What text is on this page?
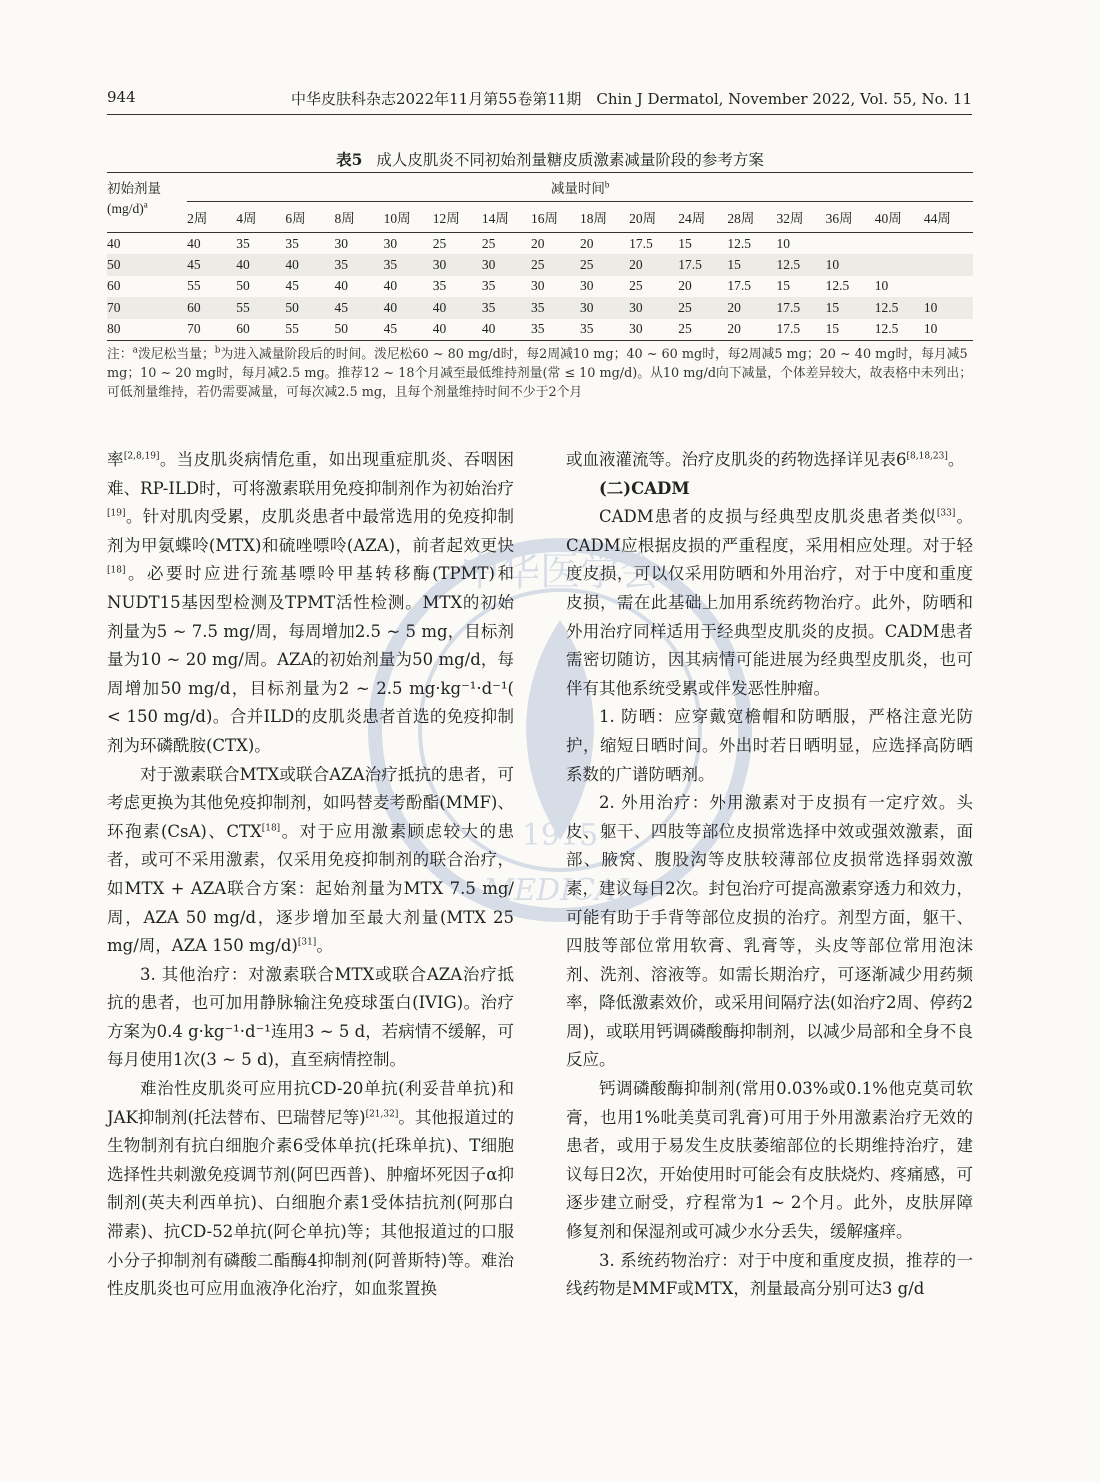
944	中华皮肤科杂志2022年11月第55卷第11期　Chin J Dermatol, November 2022, Vol. 55, No. 11
表5 成人皮肌炎不同初始剂量糖皮质激素减量阶段的参考方案
初始剂量
$(mg/d)^a$	减量时间$^b$
	2周	4周	6周	8周	10周	12周	14周	16周	18周	20周	24周	28周	32周	36周	40周	44周
40	40	35	35	30	30	25	25	20	20	17.5	15	12.5	10			
50	45	40	40	35	35	30	30	25	25	20	17.5	15	12.5	10		
60	55	50	45	40	40	35	35	30	30	25	20	17.5	15	12.5	10	
70	60	55	50	45	40	40	35	35	30	30	25	20	17.5	15	12.5	10
80	70	60	55	50	45	40	40	35	35	30	25	20	17.5	15	12.5	10
注：$^a$泼尼松当量；$^b$为进入减量阶段后的时间。泼尼松60 ~ 80 mg/d时，每2周减10 mg；40 ~ 60 mg时，每2周减5 mg；20 ~ 40 mg时，每月减5 mg；10 ~ 20 mg时，每月减2.5 mg。推荐12 ~ 18个月减至最低维持剂量(常 ≤ 10 mg/d)。从10 mg/d向下减量，个体差异较大，故表格中未列出；可低剂量维持，若仍需要减量，可每次减2.5 mg，且每个剂量维持时间不少于2个月
中华医学会
医
1915
MEDICAL

率[2,8,19]。当皮肌炎病情危重，如出现重症肌炎、吞咽困难、RP-ILD时，可将激素联用免疫抑制剂作为初始治疗[19]。针对肌肉受累，皮肌炎患者中最常选用的免疫抑制剂为甲氨蝶呤(MTX)和硫唑嘌呤(AZA)，前者起效更快[18]。必要时应进行巯基嘌呤甲基转移酶(TPMT)和NUDT15基因型检测及TPMT活性检测。MTX的初始剂量为5 ~ 7.5 mg/周，每周增加2.5 ~ 5 mg，目标剂量为10 ~ 20 mg/周。AZA的初始剂量为50 mg/d，每周增加50 mg/d，目标剂量为2 ~ 2.5 mg·kg⁻¹·d⁻¹( < 150 mg/d)。合并ILD的皮肌炎患者首选的免疫抑制剂为环磷酰胺(CTX)。

对于激素联合MTX或联合AZA治疗抵抗的患者，可考虑更换为其他免疫抑制剂，如吗替麦考酚酯(MMF)、环孢素(CsA)、CTX[18]。对于应用激素顾虑较大的患者，或可不采用激素，仅采用免疫抑制剂的联合治疗，如MTX + AZA联合方案：起始剂量为MTX 7.5 mg/周，AZA 50 mg/d，逐步增加至最大剂量(MTX 25 mg/周，AZA 150 mg/d)[31]。

3. 其他治疗：对激素联合MTX或联合AZA治疗抵抗的患者，也可加用静脉输注免疫球蛋白(IVIG)。治疗方案为0.4 g·kg⁻¹·d⁻¹连用3 ~ 5 d，若病情不缓解，可每月使用1次(3 ~ 5 d)，直至病情控制。

难治性皮肌炎可应用抗CD-20单抗(利妥昔单抗)和JAK抑制剂(托法替布、巴瑞替尼等)[21,32]。其他报道过的生物制剂有抗白细胞介素6受体单抗(托珠单抗)、T细胞选择性共刺激免疫调节剂(阿巴西普)、肿瘤坏死因子α抑制剂(英夫利西单抗)、白细胞介素1受体拮抗剂(阿那白滞素)、抗CD-52单抗(阿仑单抗)等；其他报道过的口服小分子抑制剂有磷酸二酯酶4抑制剂(阿普斯特)等。难治性皮肌炎也可应用血液净化治疗，如血浆置换

或血液灌流等。治疗皮肌炎的药物选择详见表6[8,18,23]。

(二)CADM

CADM患者的皮损与经典型皮肌炎患者类似[33]。CADM应根据皮损的严重程度，采用相应处理。对于轻度皮损，可以仅采用防晒和外用治疗，对于中度和重度皮损，需在此基础上加用系统药物治疗。此外，防晒和外用治疗同样适用于经典型皮肌炎的皮损。CADM患者需密切随访，因其病情可能进展为经典型皮肌炎，也可伴有其他系统受累或伴发恶性肿瘤。

1. 防晒：应穿戴宽檐帽和防晒服，严格注意光防护，缩短日晒时间。外出时若日晒明显，应选择高防晒系数的广谱防晒剂。

2. 外用治疗：外用激素对于皮损有一定疗效。头皮、躯干、四肢等部位皮损常选择中效或强效激素，面部、腋窝、腹股沟等皮肤较薄部位皮损常选择弱效激素，建议每日2次。封包治疗可提高激素穿透力和效力，可能有助于手背等部位皮损的治疗。剂型方面，躯干、四肢等部位常用软膏、乳膏等，头皮等部位常用泡沫剂、洗剂、溶液等。如需长期治疗，可逐渐减少用药频率，降低激素效价，或采用间隔疗法(如治疗2周、停药2周)，或联用钙调磷酸酶抑制剂，以减少局部和全身不良反应。

钙调磷酸酶抑制剂(常用0.03%或0.1%他克莫司软膏，也用1%吡美莫司乳膏)可用于外用激素治疗无效的患者，或用于易发生皮肤萎缩部位的长期维持治疗，建议每日2次，开始使用时可能会有皮肤烧灼、疼痛感，可逐步建立耐受，疗程常为1 ~ 2个月。此外，皮肤屏障修复剂和保湿剂或可减少水分丢失，缓解瘙痒。

3. 系统药物治疗：对于中度和重度皮损，推荐的一线药物是MMF或MTX，剂量最高分别可达3 g/d
